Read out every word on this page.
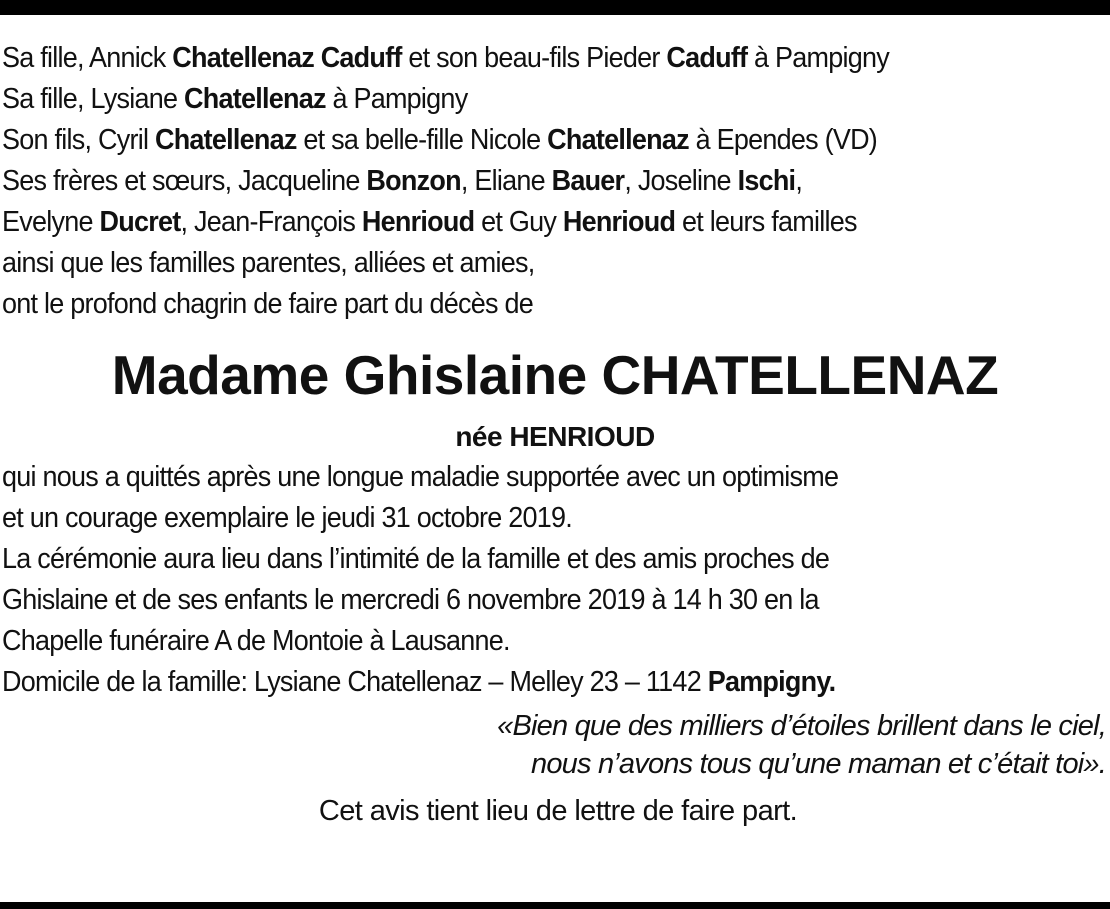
Sa fille, Annick Chatellenaz Caduff et son beau-fils Pieder Caduff à Pampigny
Sa fille, Lysiane Chatellenaz à Pampigny
Son fils, Cyril Chatellenaz et sa belle-fille Nicole Chatellenaz à Ependes (VD)
Ses frères et sœurs, Jacqueline Bonzon, Eliane Bauer, Joseline Ischi,
Evelyne Ducret, Jean-François Henrioud et Guy Henrioud et leurs familles
ainsi que les familles parentes, alliées et amies,
ont le profond chagrin de faire part du décès de
Madame Ghislaine CHATELLENAZ
née HENRIOUD
qui nous a quittés après une longue maladie supportée avec un optimisme
et un courage exemplaire le jeudi 31 octobre 2019.
La cérémonie aura lieu dans l’intimité de la famille et des amis proches de
Ghislaine et de ses enfants le mercredi 6 novembre 2019 à 14 h 30 en la
Chapelle funéraire A de Montoie à Lausanne.
Domicile de la famille: Lysiane Chatellenaz – Melley 23 – 1142 Pampigny.
«Bien que des milliers d’étoiles brillent dans le ciel,
nous n’avons tous qu’une maman et c’était toi».
Cet avis tient lieu de lettre de faire part.
